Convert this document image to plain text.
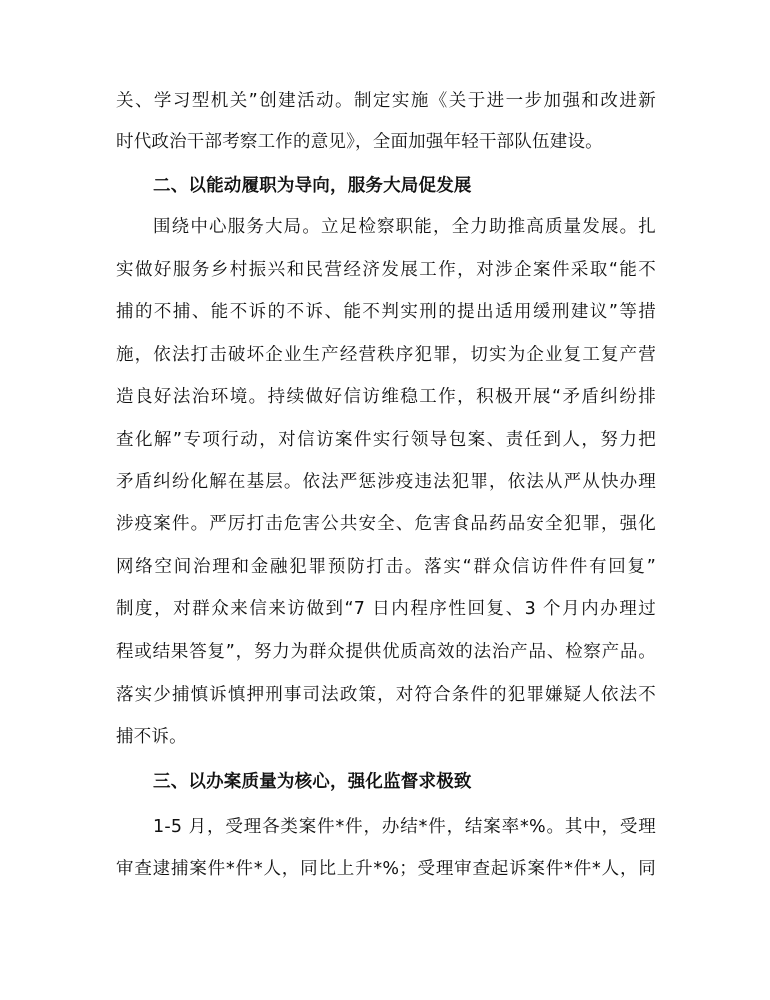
关、学习型机关”创建活动。制定实施《关于进一步加强和改进新
时代政治干部考察工作的意见》，全面加强年轻干部队伍建设。
二、以能动履职为导向，服务大局促发展
围绕中心服务大局。立足检察职能，全力助推高质量发展。扎
实做好服务乡村振兴和民营经济发展工作，对涉企案件采取“能不
捕的不捕、能不诉的不诉、能不判实刑的提出适用缓刑建议”等措
施，依法打击破坏企业生产经营秩序犯罪，切实为企业复工复产营
造良好法治环境。持续做好信访维稳工作，积极开展“矛盾纠纷排
查化解”专项行动，对信访案件实行领导包案、责任到人，努力把
矛盾纠纷化解在基层。依法严惩涉疫违法犯罪，依法从严从快办理
涉疫案件。严厉打击危害公共安全、危害食品药品安全犯罪，强化
网络空间治理和金融犯罪预防打击。落实“群众信访件件有回复”
制度，对群众来信来访做到“7 日内程序性回复、3 个月内办理过
程或结果答复”，努力为群众提供优质高效的法治产品、检察产品。
落实少捕慎诉慎押刑事司法政策，对符合条件的犯罪嫌疑人依法不
捕不诉。
三、以办案质量为核心，强化监督求极致
1-5 月，受理各类案件*件，办结*件，结案率*%。其中，受理
审查逮捕案件*件*人，同比上升*%；受理审查起诉案件*件*人，同
